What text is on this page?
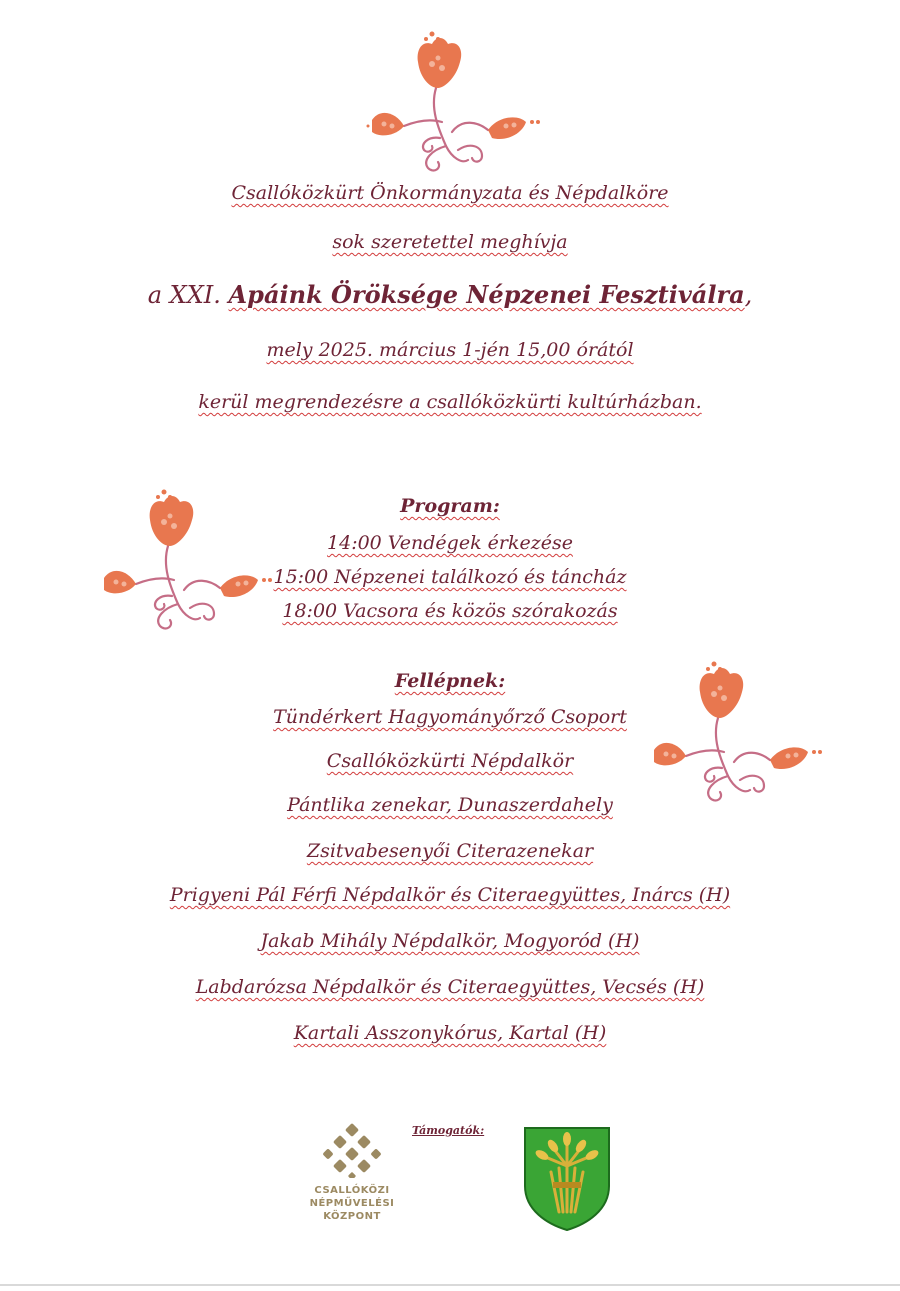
Csallóközkürt Önkormányzata és Népdalköre
sok szeretettel meghívja
a XXI. Apáink Öröksége Népzenei Fesztiválra,
mely 2025. március 1-jén 15,00 órától
kerül megrendezésre a csallóközkürti kultúrházban.
Program:
14:00 Vendégek érkezése
15:00 Népzenei találkozó és táncház
18:00 Vacsora és közös szórakozás
Fellépnek:
Tündérkert Hagyományőrző Csoport
Csallóközkürti Népdalkör
Pántlika zenekar, Dunaszerdahely
Zsitvabesenyői Citerazenekar
Prigyeni Pál Férfi Népdalkör és Citeraegyüttes, Inárcs (H)
Jakab Mihály Népdalkör, Mogyoród (H)
Labdarózsa Népdalkör és Citeraegyüttes, Vecsés (H)
Kartali Asszonykórus, Kartal (H)
CSALLÓKÖZI
NÉPMŰVELÉSI
KÖZPONT
Támogatók:
